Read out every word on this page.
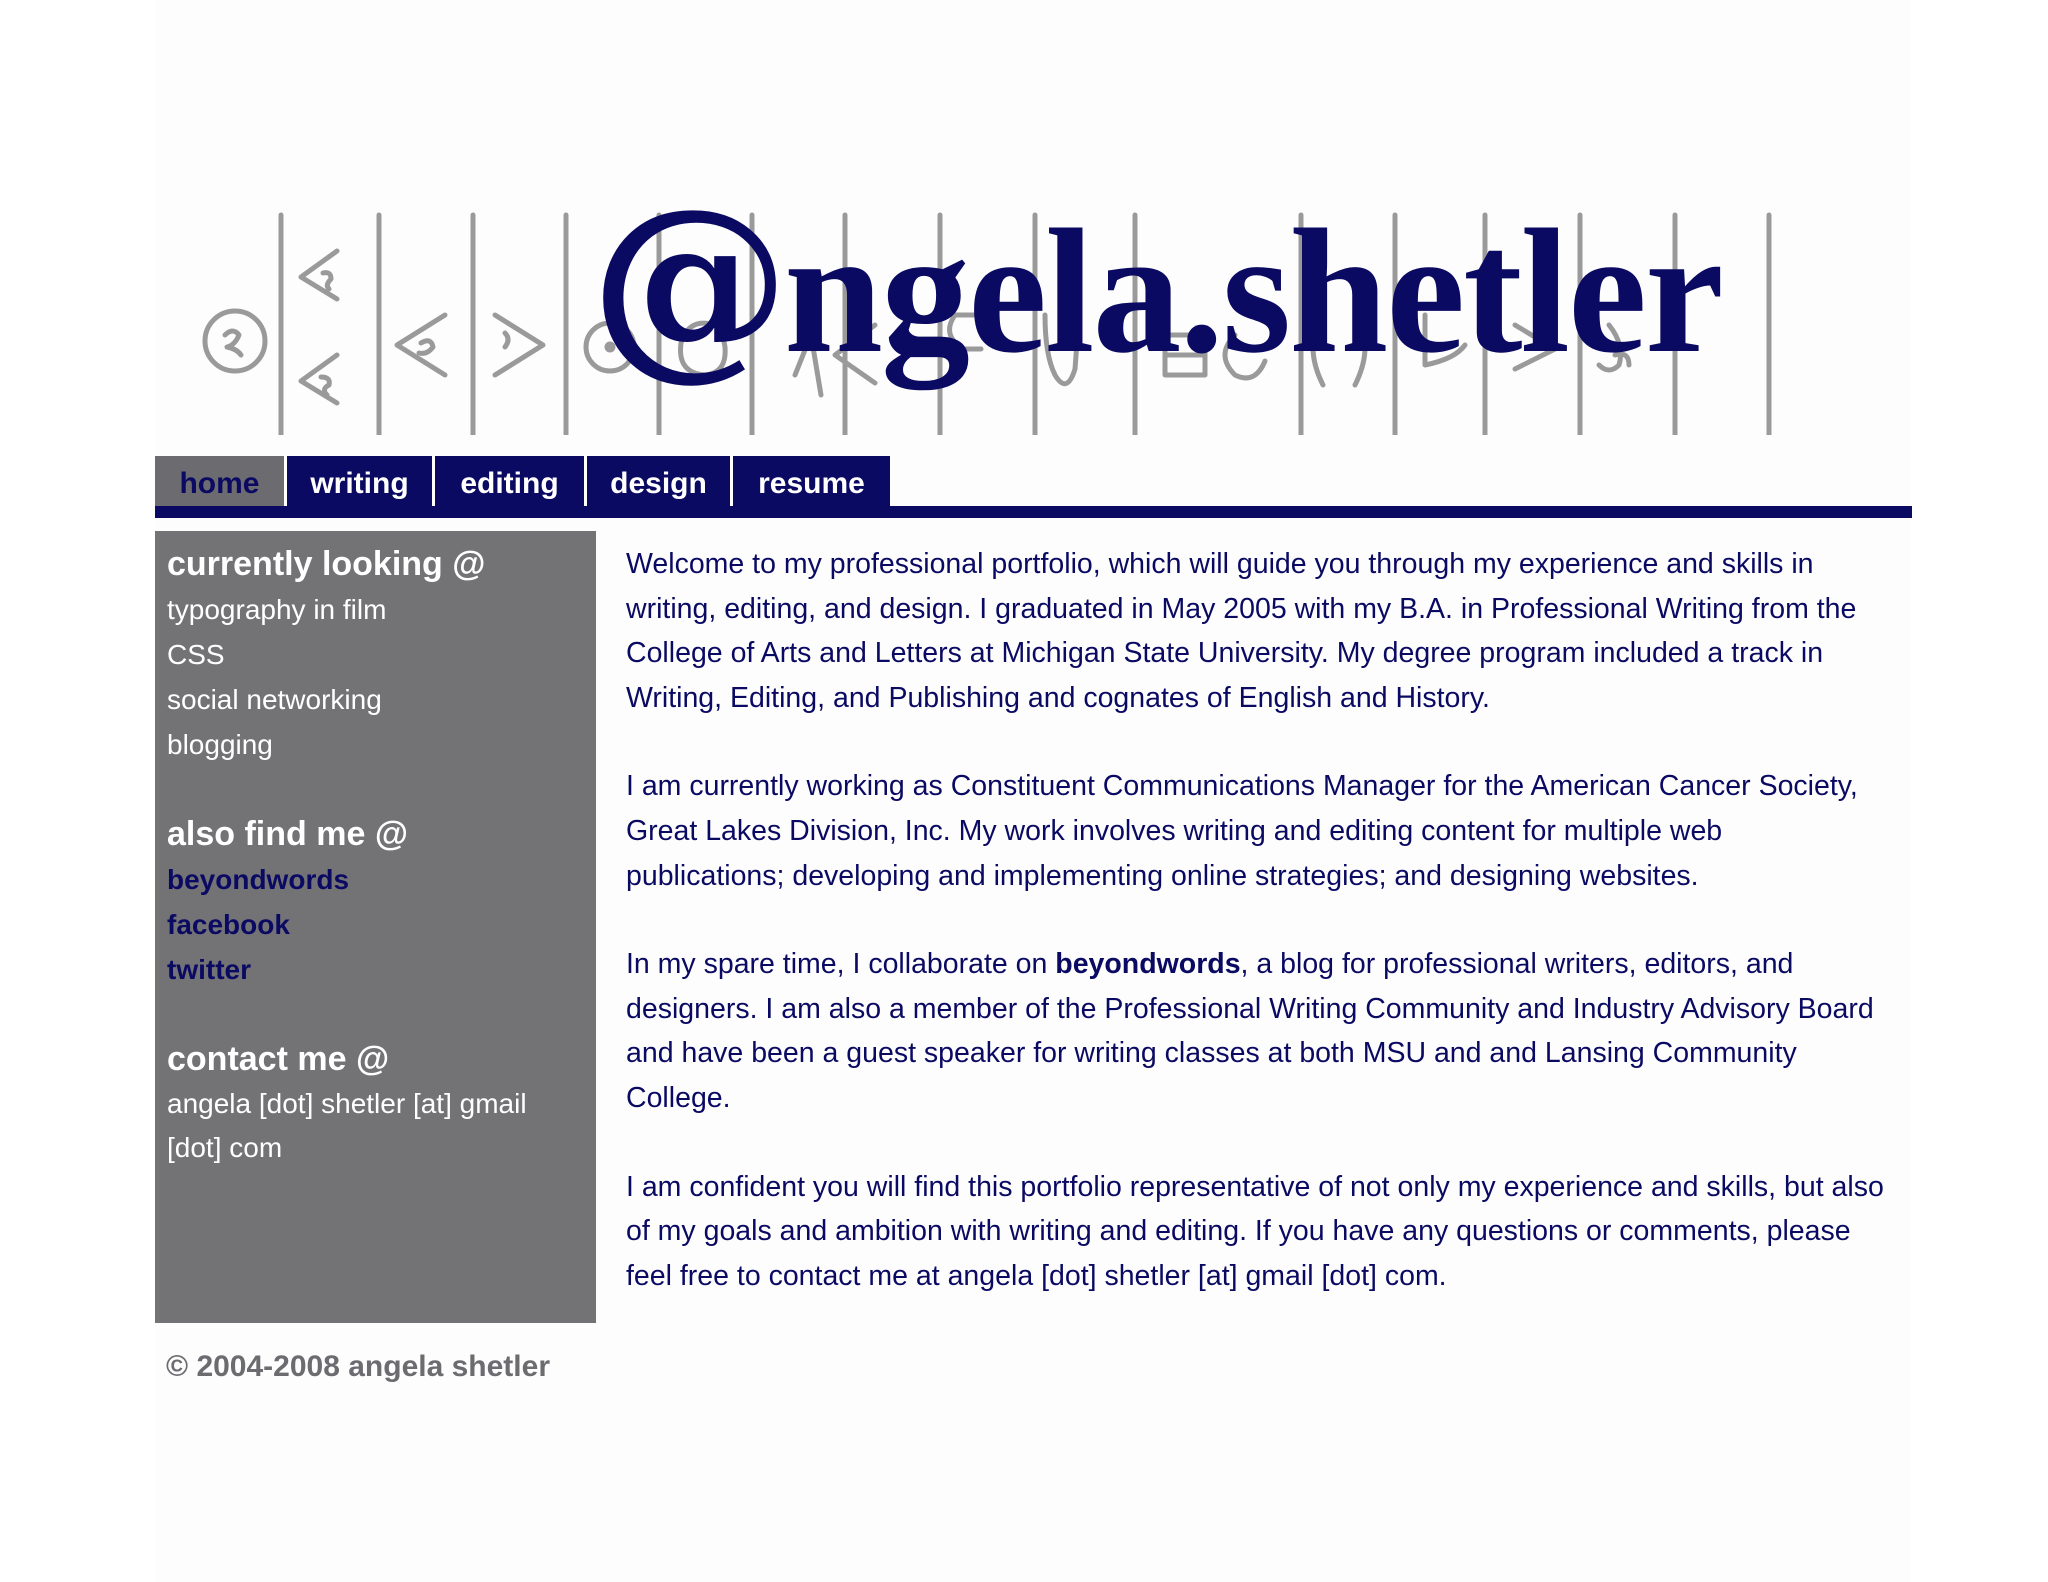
@ngela.shetler
home	writing	editing	design	resume
currently looking @
typography in film
CSS
social networking
blogging
also find me @
beyondwords
facebook
twitter
contact me @
angela [dot] shetler [at] gmail [dot] com

Welcome to my professional portfolio, which will guide you through my experience and skills in writing, editing, and design. I graduated in May 2005 with my B.A. in Professional Writing from the College of Arts and Letters at Michigan State University. My degree program included a track in Writing, Editing, and Publishing and cognates of English and History.

I am currently working as Constituent Communications Manager for the American Cancer Society, Great Lakes Division, Inc. My work involves writing and editing content for multiple web publications; developing and implementing online strategies; and designing websites.

In my spare time, I collaborate on beyondwords, a blog for professional writers, editors, and designers. I am also a member of the Professional Writing Community and Industry Advisory Board and have been a guest speaker for writing classes at both MSU and and Lansing Community College.

I am confident you will find this portfolio representative of not only my experience and skills, but also of my goals and ambition with writing and editing. If you have any questions or comments, please feel free to contact me at angela [dot] shetler [at] gmail [dot] com.

© 2004-2008 angela shetler
